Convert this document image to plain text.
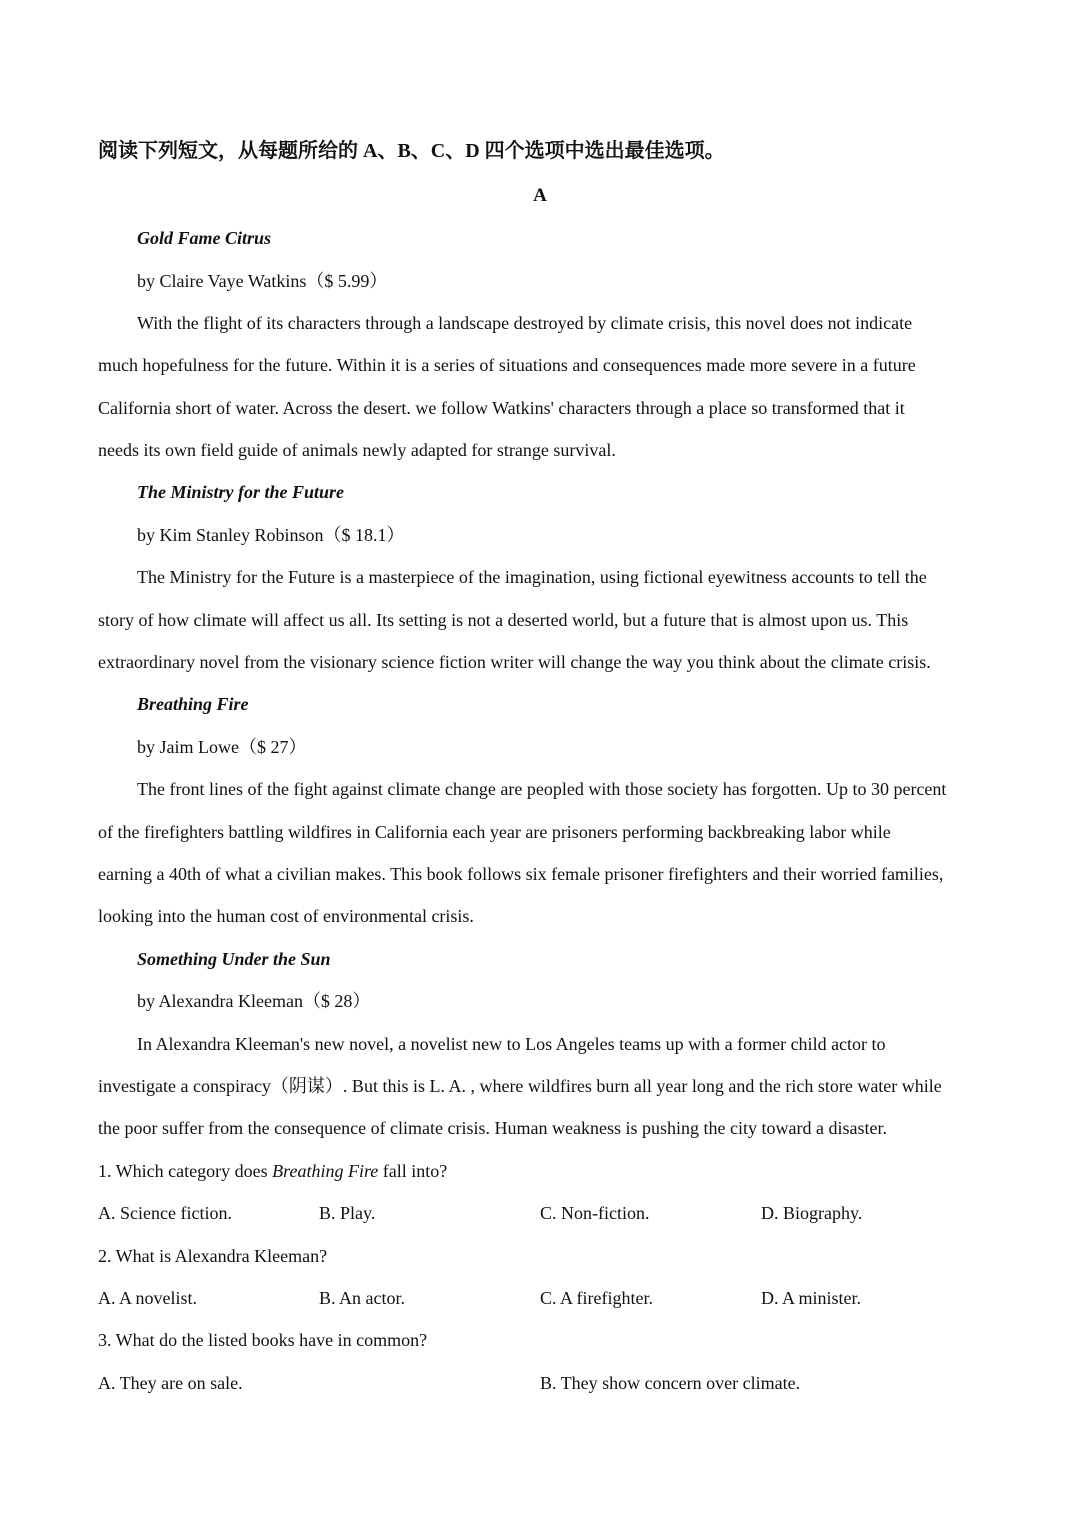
阅读下列短文，从每题所给的 A、B、C、D 四个选项中选出最佳选项。
A
Gold Fame Citrus
by Claire Vaye Watkins（$ 5.99）
With the flight of its characters through a landscape destroyed by climate crisis, this novel does not indicate
much hopefulness for the future. Within it is a series of situations and consequences made more severe in a future
California short of water. Across the desert. we follow Watkins' characters through a place so transformed that it
needs its own field guide of animals newly adapted for strange survival.
The Ministry for the Future
by Kim Stanley Robinson（$ 18.1）
The Ministry for the Future is a masterpiece of the imagination, using fictional eyewitness accounts to tell the
story of how climate will affect us all. Its setting is not a deserted world, but a future that is almost upon us. This
extraordinary novel from the visionary science fiction writer will change the way you think about the climate crisis.
Breathing Fire
by Jaim Lowe（$ 27）
The front lines of the fight against climate change are peopled with those society has forgotten. Up to 30 percent
of the firefighters battling wildfires in California each year are prisoners performing backbreaking labor while
earning a 40th of what a civilian makes. This book follows six female prisoner firefighters and their worried families,
looking into the human cost of environmental crisis.
Something Under the Sun
by Alexandra Kleeman（$ 28）
In Alexandra Kleeman's new novel, a novelist new to Los Angeles teams up with a former child actor to
investigate a conspiracy（阴谋）. But this is L. A. , where wildfires burn all year long and the rich store water while
the poor suffer from the consequence of climate crisis. Human weakness is pushing the city toward a disaster.
1. Which category does Breathing Fire fall into?
A. Science fiction.	B. Play.	C. Non-fiction.	D. Biography.
2. What is Alexandra Kleeman?
A. A novelist.	B. An actor.	C. A firefighter.	D. A minister.
3. What do the listed books have in common?
A. They are on sale.	B. They show concern over climate.
